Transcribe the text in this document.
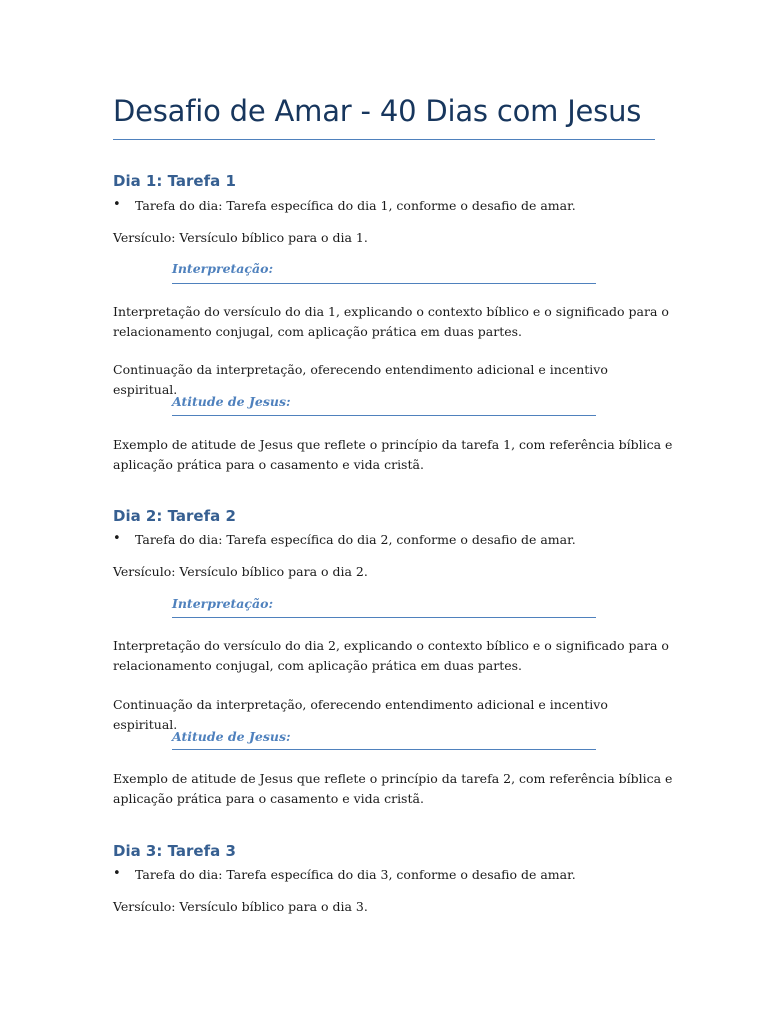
Desafio de Amar - 40 Dias com Jesus
Dia 1: Tarefa 1
• Tarefa do dia: Tarefa específica do dia 1, conforme o desafio de amar.
Versículo: Versículo bíblico para o dia 1.
Interpretação:
Interpretação do versículo do dia 1, explicando o contexto bíblico e o significado para o relacionamento conjugal, com aplicação prática em duas partes.
Continuação da interpretação, oferecendo entendimento adicional e incentivo espiritual.
Atitude de Jesus:
Exemplo de atitude de Jesus que reflete o princípio da tarefa 1, com referência bíblica e aplicação prática para o casamento e vida cristã.
Dia 2: Tarefa 2
• Tarefa do dia: Tarefa específica do dia 2, conforme o desafio de amar.
Versículo: Versículo bíblico para o dia 2.
Interpretação:
Interpretação do versículo do dia 2, explicando o contexto bíblico e o significado para o relacionamento conjugal, com aplicação prática em duas partes.
Continuação da interpretação, oferecendo entendimento adicional e incentivo espiritual.
Atitude de Jesus:
Exemplo de atitude de Jesus que reflete o princípio da tarefa 2, com referência bíblica e aplicação prática para o casamento e vida cristã.
Dia 3: Tarefa 3
• Tarefa do dia: Tarefa específica do dia 3, conforme o desafio de amar.
Versículo: Versículo bíblico para o dia 3.
